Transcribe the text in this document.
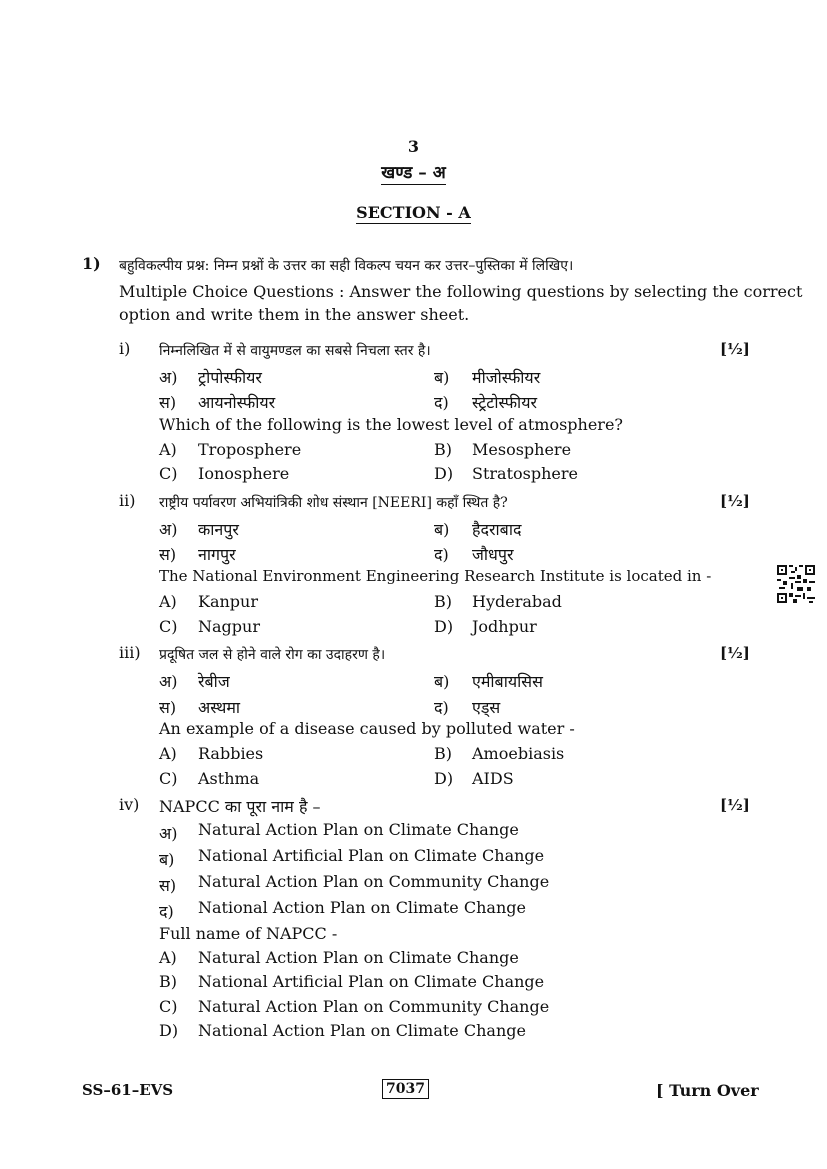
3
खण्ड – अ
SECTION - A
1) बहुविकल्पीय प्रश्न: निम्न प्रश्नों के उत्तर का सही विकल्प चयन कर उत्तर–पुस्तिका में लिखिए।
Multiple Choice Questions : Answer the following questions by selecting the correct
option and write them in the answer sheet.
i) निम्नलिखित में से वायुमण्डल का सबसे निचला स्तर है।	[½]
अ) ट्रोपोस्फीयर	ब) मीजोस्फीयर
स) आयनोस्फीयर	द) स्ट्रेटोस्फीयर
Which of the following is the lowest level of atmosphere?
A) Troposphere	B) Mesosphere
C) Ionosphere	D) Stratosphere
ii) राष्ट्रीय पर्यावरण अभियांत्रिकी शोध संस्थान [NEERI] कहाँ स्थित है?	[½]
अ) कानपुर	ब) हैदराबाद
स) नागपुर	द) जौधपुर
The National Environment Engineering Research Institute is located in -
A) Kanpur	B) Hyderabad
C) Nagpur	D) Jodhpur
iii) प्रदूषित जल से होने वाले रोग का उदाहरण है।	[½]
अ) रेबीज	ब) एमीबायसिस
स) अस्थमा	द) एड्स
An example of a disease caused by polluted water -
A) Rabbies	B) Amoebiasis
C) Asthma	D) AIDS
iv) NAPCC का पूरा नाम है –	[½]
अ) Natural Action Plan on Climate Change
ब) National Artificial Plan on Climate Change
स) Natural Action Plan on Community Change
द) National Action Plan on Climate Change
Full name of NAPCC -
A) Natural Action Plan on Climate Change
B) National Artificial Plan on Climate Change
C) Natural Action Plan on Community Change
D) National Action Plan on Climate Change
SS–61–EVS	7037	[ Turn Over
